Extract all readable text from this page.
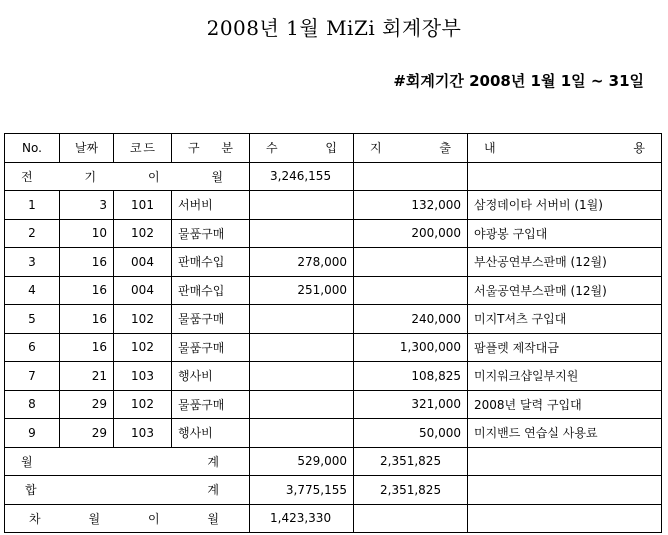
2008년 1월 MiZi 회계장부
#회계기간 2008년 1월 1일 ~ 31일
No.	날짜	코 드	구 분	수 입	지 출	내 용

전 기 이 월				3,246,155		
1	3	101	서버비		132,000	삼정데이타 서버비 (1월)
2	10	102	물품구매		200,000	야광봉 구입대
3	16	004	판매수입	278,000		부산공연부스판매 (12월)
4	16	004	판매수입	251,000		서울공연부스판매 (12월)
5	16	102	물품구매		240,000	미지T셔츠 구입대
6	16	102	물품구매		1,300,000	팜플렛 제작대금
7	21	103	행사비		108,825	미지워크샵일부지원
8	29	102	물품구매		321,000	2008년 달력 구입대
9	29	103	행사비		50,000	미지밴드 연습실 사용료

월 계				529,000	2,351,825	

합 계				3,775,155	2,351,825	

차 월 이 월				1,423,330		
